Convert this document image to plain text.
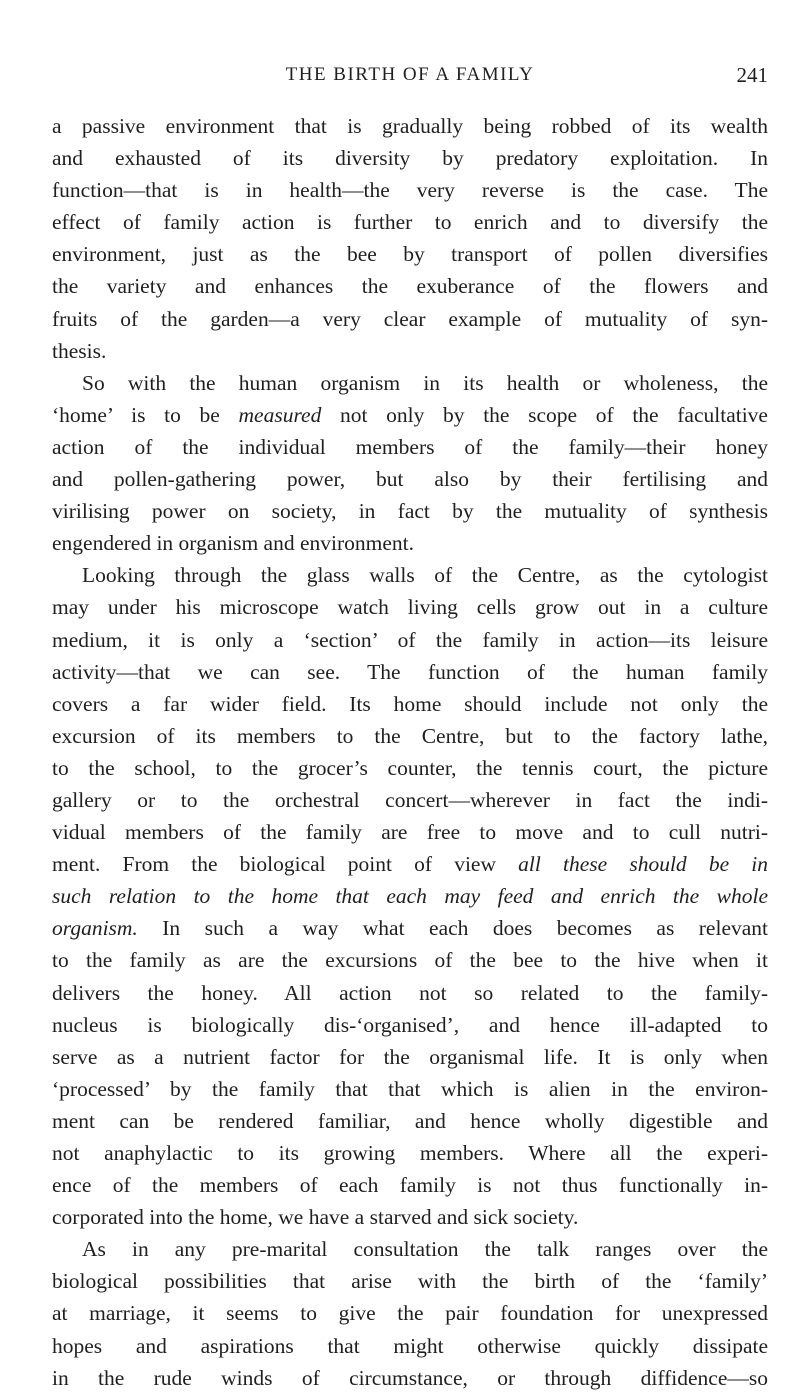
THE BIRTH OF A FAMILY	241
a passive environment that is gradually being robbed of its wealth
and exhausted of its diversity by predatory exploitation. In
function—that is in health—the very reverse is the case. The
effect of family action is further to enrich and to diversify the
environment, just as the bee by transport of pollen diversifies
the variety and enhances the exuberance of the flowers and
fruits of the garden—a very clear example of mutuality of syn-
thesis.
So with the human organism in its health or wholeness, the
‘home’ is to be measured not only by the scope of the facultative
action of the individual members of the family—their honey
and pollen-gathering power, but also by their fertilising and
virilising power on society, in fact by the mutuality of synthesis
engendered in organism and environment.
Looking through the glass walls of the Centre, as the cytologist
may under his microscope watch living cells grow out in a culture
medium, it is only a ‘section’ of the family in action—its leisure
activity—that we can see. The function of the human family
covers a far wider field. Its home should include not only the
excursion of its members to the Centre, but to the factory lathe,
to the school, to the grocer’s counter, the tennis court, the picture
gallery or to the orchestral concert—wherever in fact the indi-
vidual members of the family are free to move and to cull nutri-
ment. From the biological point of view all these should be in
such relation to the home that each may feed and enrich the whole
organism. In such a way what each does becomes as relevant
to the family as are the excursions of the bee to the hive when it
delivers the honey. All action not so related to the family-
nucleus is biologically dis-‘organised’, and hence ill-adapted to
serve as a nutrient factor for the organismal life. It is only when
‘processed’ by the family that that which is alien in the environ-
ment can be rendered familiar, and hence wholly digestible and
not anaphylactic to its growing members. Where all the experi-
ence of the members of each family is not thus functionally in-
corporated into the home, we have a starved and sick society.
As in any pre-marital consultation the talk ranges over the
biological possibilities that arise with the birth of the ‘family’
at marriage, it seems to give the pair foundation for unexpressed
hopes and aspirations that might otherwise quickly dissipate
in the rude winds of circumstance, or through diffidence—so
